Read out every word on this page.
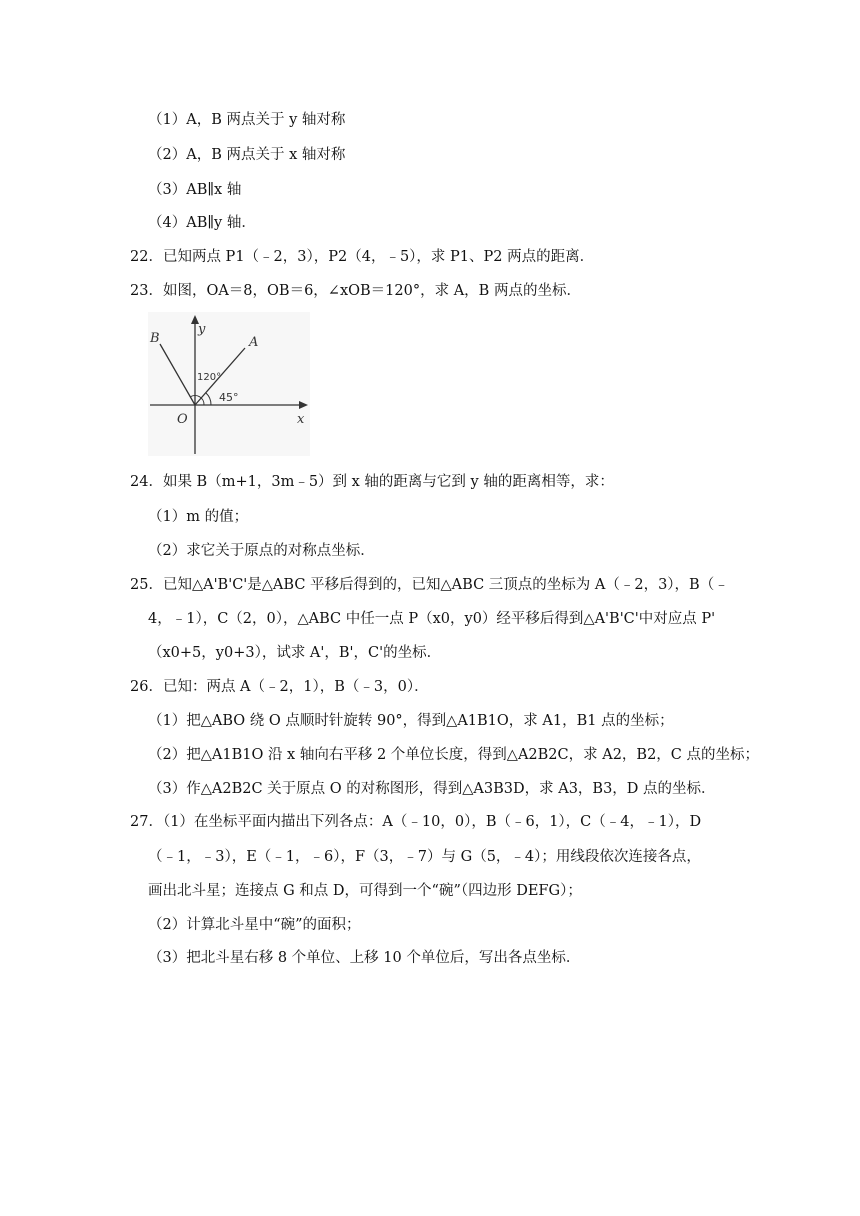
（1）A，B 两点关于 y 轴对称
（2）A，B 两点关于 x 轴对称
（3）AB∥x 轴
（4）AB∥y 轴．
22．已知两点 P1（﹣2，3），P2（4，﹣5），求 P1、P2 两点的距离．
23．如图，OA＝8，OB＝6，∠xOB＝120°，求 A，B 两点的坐标．
y
x
O
A
B
120°
45°
24．如果 B（m+1，3m﹣5）到 x 轴的距离与它到 y 轴的距离相等，求：
（1）m 的值；
（2）求它关于原点的对称点坐标．
25．已知△A'B'C'是△ABC 平移后得到的，已知△ABC 三顶点的坐标为 A（﹣2，3），B（﹣
4，﹣1），C（2，0），△ABC 中任一点 P（x0，y0）经平移后得到△A'B'C'中对应点 P'
（x0+5，y0+3），试求 A'，B'，C'的坐标．
26．已知：两点 A（﹣2，1），B（﹣3，0）．
（1）把△ABO 绕 O 点顺时针旋转 90°，得到△A1B1O，求 A1，B1 点的坐标；
（2）把△A1B1O 沿 x 轴向右平移 2 个单位长度，得到△A2B2C，求 A2，B2，C 点的坐标；
（3）作△A2B2C 关于原点 O 的对称图形，得到△A3B3D，求 A3，B3，D 点的坐标．
27．（1）在坐标平面内描出下列各点：A（﹣10，0），B（﹣6，1），C（﹣4，﹣1），D
（﹣1，﹣3），E（﹣1，﹣6），F（3，﹣7）与 G（5，﹣4）；用线段依次连接各点，
画出北斗星；连接点 G 和点 D，可得到一个“碗”（四边形 DEFG）；
（2）计算北斗星中“碗”的面积；
（3）把北斗星右移 8 个单位、上移 10 个单位后，写出各点坐标．
